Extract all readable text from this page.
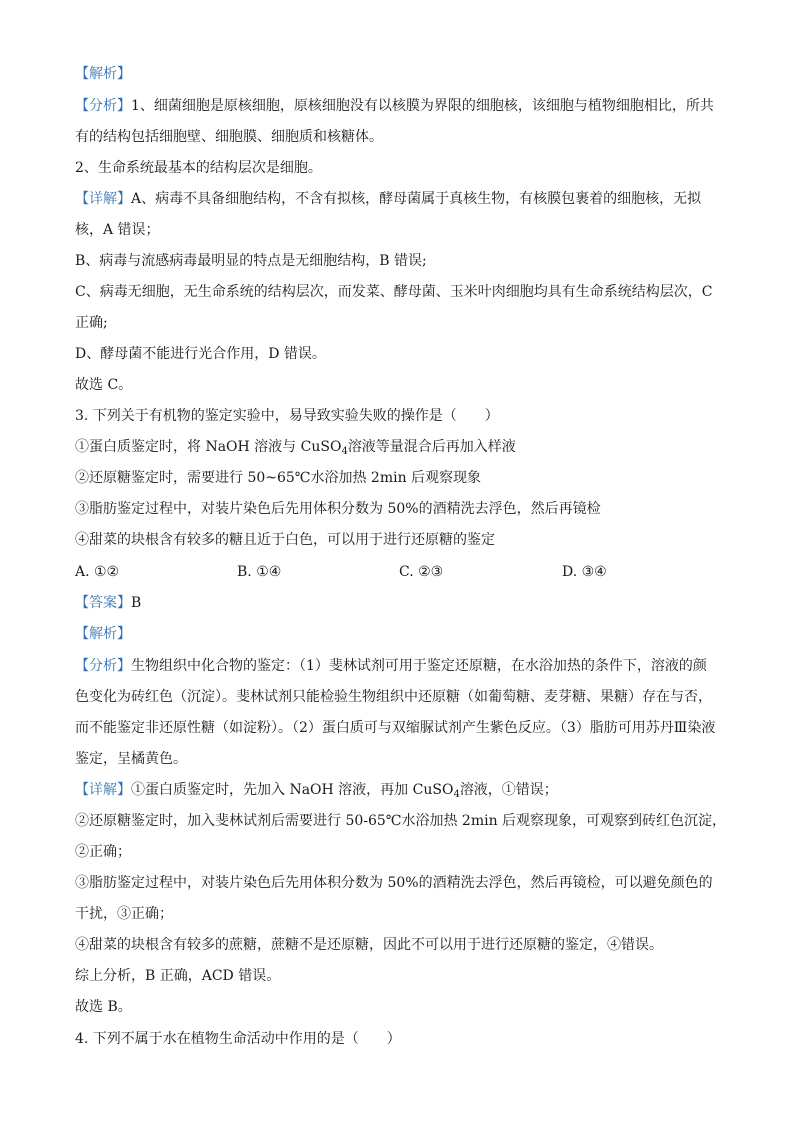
【解析】
【分析】1、细菌细胞是原核细胞，原核细胞没有以核膜为界限的细胞核，该细胞与植物细胞相比，所共
有的结构包括细胞壁、细胞膜、细胞质和核糖体。
2、生命系统最基本的结构层次是细胞。
【详解】A、病毒不具备细胞结构，不含有拟核，酵母菌属于真核生物，有核膜包裹着的细胞核，无拟
核，A 错误；
B、病毒与流感病毒最明显的特点是无细胞结构，B 错误;
C、病毒无细胞，无生命系统的结构层次，而发菜、酵母菌、玉米叶肉细胞均具有生命系统结构层次，C
正确;
D、酵母菌不能进行光合作用，D 错误。
故选 C。
3. 下列关于有机物的鉴定实验中，易导致实验失败的操作是（　　）
①蛋白质鉴定时，将 NaOH 溶液与 CuSO$_4$溶液等量混合后再加入样液
②还原糖鉴定时，需要进行 50~65℃水浴加热 2min 后观察现象
③脂肪鉴定过程中，对装片染色后先用体积分数为 50%的酒精洗去浮色，然后再镜检
④甜菜的块根含有较多的糖且近于白色，可以用于进行还原糖的鉴定
A. ①②	B. ①④	C. ②③	D. ③④
【答案】B
【解析】
【分析】生物组织中化合物的鉴定：（1）斐林试剂可用于鉴定还原糖，在水浴加热的条件下，溶液的颜
色变化为砖红色（沉淀）。斐林试剂只能检验生物组织中还原糖（如葡萄糖、麦芽糖、果糖）存在与否，
而不能鉴定非还原性糖（如淀粉）。（2）蛋白质可与双缩脲试剂产生紫色反应。（3）脂肪可用苏丹Ⅲ染液
鉴定，呈橘黄色。
【详解】①蛋白质鉴定时，先加入 NaOH 溶液，再加 CuSO$_4$溶液，①错误；
②还原糖鉴定时，加入斐林试剂后需要进行 50-65℃水浴加热 2min 后观察现象，可观察到砖红色沉淀，
②正确；
③脂肪鉴定过程中，对装片染色后先用体积分数为 50%的酒精洗去浮色，然后再镜检，可以避免颜色的
干扰，③正确；
④甜菜的块根含有较多的蔗糖，蔗糖不是还原糖，因此不可以用于进行还原糖的鉴定，④错误。
综上分析，B 正确，ACD 错误。
故选 B。
4. 下列不属于水在植物生命活动中作用的是（　　）
